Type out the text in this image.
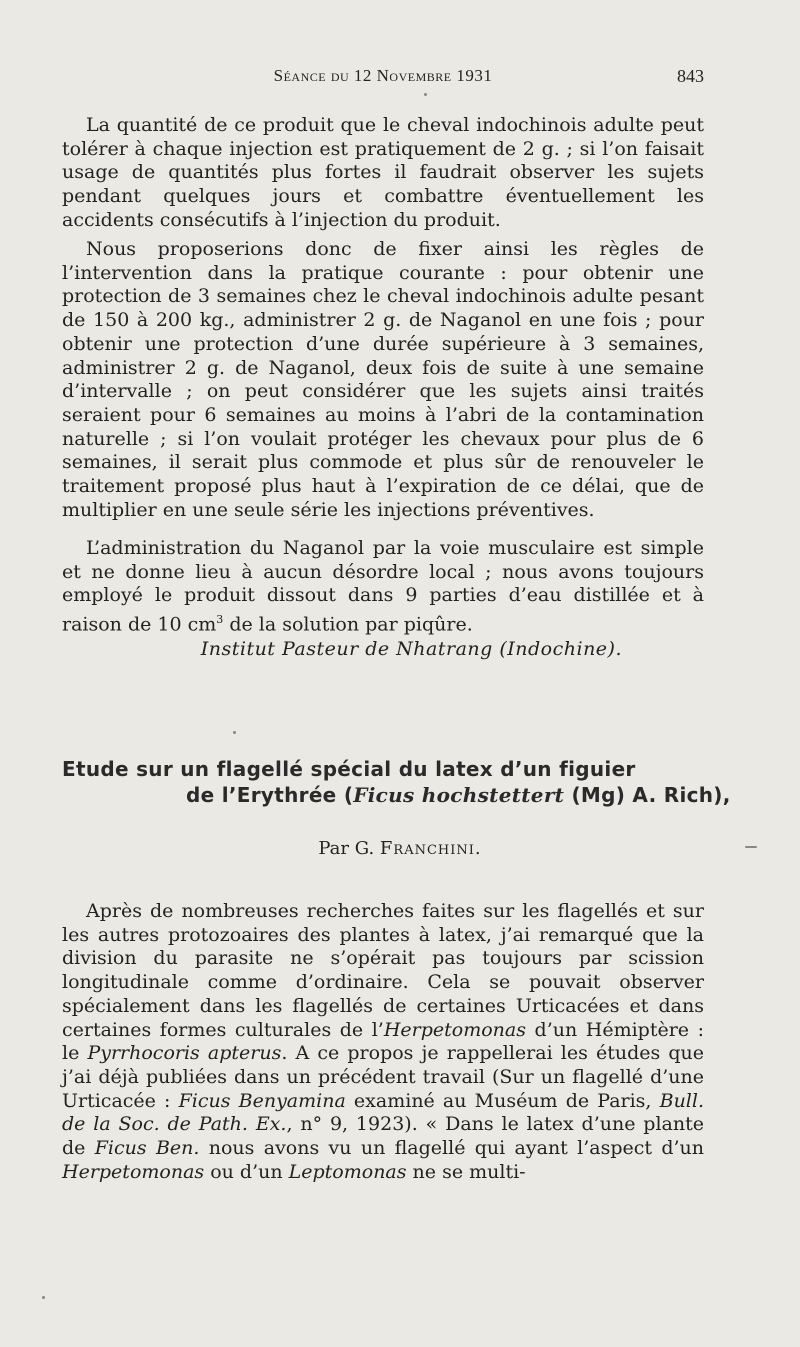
Séance du 12 Novembre 1931	843

La quantité de ce produit que le cheval indochinois adulte peut tolérer à chaque injection est pratiquement de 2 g. ; si l’on faisait usage de quantités plus fortes il faudrait observer les sujets pendant quelques jours et combattre éventuellement les accidents consécutifs à l’injection du produit.

Nous proposerions donc de fixer ainsi les règles de l’intervention dans la pratique courante : pour obtenir une protection de 3 semaines chez le cheval indochinois adulte pesant de 150 à 200 kg., administrer 2 g. de Naganol en une fois ; pour obtenir une protection d’une durée supérieure à 3 semaines, administrer 2 g. de Naganol, deux fois de suite à une semaine d’intervalle ; on peut considérer que les sujets ainsi traités seraient pour 6 semaines au moins à l’abri de la contamination naturelle ; si l’on voulait protéger les chevaux pour plus de 6 semaines, il serait plus commode et plus sûr de renouveler le traitement proposé plus haut à l’expiration de ce délai, que de multiplier en une seule série les injections préventives.

L’administration du Naganol par la voie musculaire est simple et ne donne lieu à aucun désordre local ; nous avons toujours employé le produit dissout dans 9 parties d’eau distillée et à raison de 10 $cm^3$ de la solution par piqûre.

Institut Pasteur de Nhatrang (Indochine).
Etude sur un flagellé spécial du latex d’un figuier
de l’Erythrée (Ficus hochstettert (Mg) A. Rich),
Par G. Franchini.

Après de nombreuses recherches faites sur les flagellés et sur les autres protozoaires des plantes à latex, j’ai remarqué que la division du parasite ne s’opérait pas toujours par scission longitudinale comme d’ordinaire. Cela se pouvait observer spécialement dans les flagellés de certaines Urticacées et dans certaines formes culturales de l’Herpetomonas d’un Hémiptère : le Pyrrhocoris apterus. A ce propos je rappellerai les études que j’ai déjà publiées dans un précédent travail (Sur un flagellé d’une Urticacée : Ficus Benyamina examiné au Muséum de Paris, Bull. de la Soc. de Path. Ex., n° 9, 1923). « Dans le latex d’une plante de Ficus Ben. nous avons vu un flagellé qui ayant l’aspect d’un Herpetomonas ou d’un Leptomonas ne se multi-
